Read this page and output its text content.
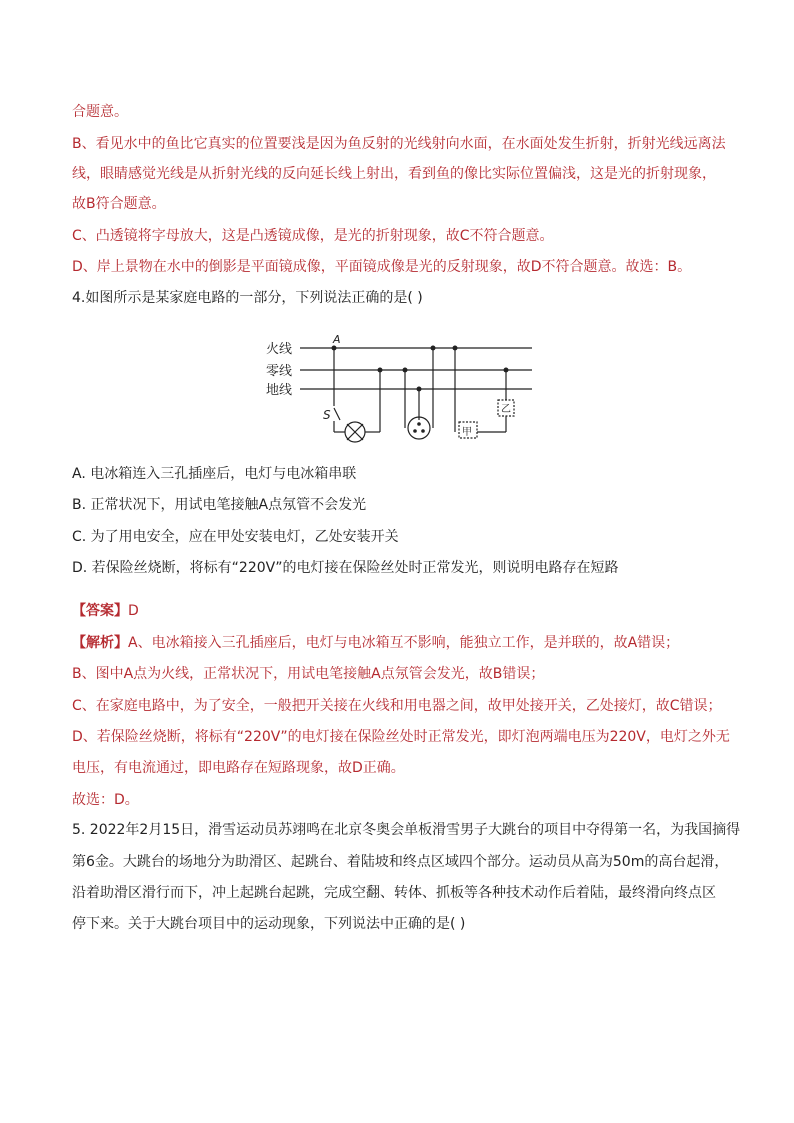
合题意。
B、看见水中的鱼比它真实的位置要浅是因为鱼反射的光线射向水面，在水面处发生折射，折射光线远离法
线，眼睛感觉光线是从折射光线的反向延长线上射出，看到鱼的像比实际位置偏浅，这是光的折射现象，
故B符合题意。
C、凸透镜将字母放大，这是凸透镜成像，是光的折射现象，故C不符合题意。
D、岸上景物在水中的倒影是平面镜成像，平面镜成像是光的反射现象，故D不符合题意。故选：B。
4.如图所示是某家庭电路的一部分，下列说法正确的是( )
火线
零线
地线
A
S
甲
乙
A. 电冰箱连入三孔插座后，电灯与电冰箱串联
B. 正常状况下，用试电笔接触A点氖管不会发光
C. 为了用电安全，应在甲处安装电灯，乙处安装开关
D. 若保险丝烧断，将标有“220V”的电灯接在保险丝处时正常发光，则说明电路存在短路
【答案】D
【解析】A、电冰箱接入三孔插座后，电灯与电冰箱互不影响，能独立工作，是并联的，故A错误；
B、图中A点为火线，正常状况下，用试电笔接触A点氖管会发光，故B错误；
C、在家庭电路中，为了安全，一般把开关接在火线和用电器之间，故甲处接开关，乙处接灯，故C错误；
D、若保险丝烧断，将标有“220V”的电灯接在保险丝处时正常发光，即灯泡两端电压为220V，电灯之外无
电压，有电流通过，即电路存在短路现象，故D正确。
故选：D。
5. 2022年2月15日，滑雪运动员苏翊鸣在北京冬奥会单板滑雪男子大跳台的项目中夺得第一名，为我国摘得
第6金。大跳台的场地分为助滑区、起跳台、着陆坡和终点区域四个部分。运动员从高为50m的高台起滑，
沿着助滑区滑行而下，冲上起跳台起跳，完成空翻、转体、抓板等各种技术动作后着陆，最终滑向终点区
停下来。关于大跳台项目中的运动现象，下列说法中正确的是( )
